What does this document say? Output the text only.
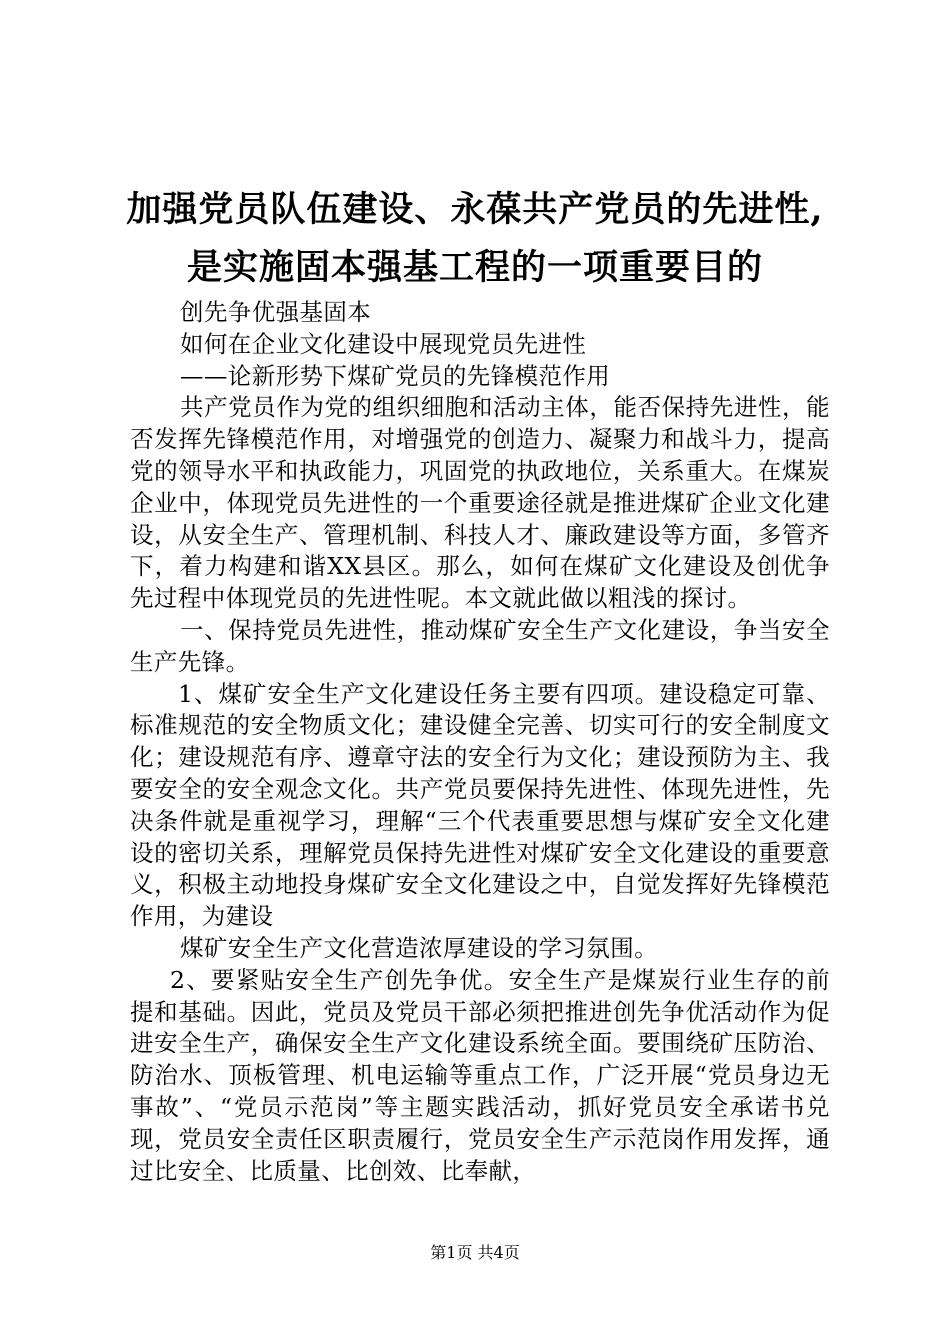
加强党员队伍建设、永葆共产党员的先进性,
是实施固本强基工程的一项重要目的

创先争优强基固本

如何在企业文化建设中展现党员先进性

——论新形势下煤矿党员的先锋模范作用

共产党员作为党的组织细胞和活动主体，能否保持先进性，能否发挥先锋模范作用，对增强党的创造力、凝聚力和战斗力，提高党的领导水平和执政能力，巩固党的执政地位，关系重大。在煤炭企业中，体现党员先进性的一个重要途径就是推进煤矿企业文化建设，从安全生产、管理机制、科技人才、廉政建设等方面，多管齐下，着力构建和谐XX县区。那么，如何在煤矿文化建设及创优争先过程中体现党员的先进性呢。本文就此做以粗浅的探讨。

一、保持党员先进性，推动煤矿安全生产文化建设，争当安全生产先锋。

1、煤矿安全生产文化建设任务主要有四项。建设稳定可靠、标准规范的安全物质文化；建设健全完善、切实可行的安全制度文化；建设规范有序、遵章守法的安全行为文化；建设预防为主、我要安全的安全观念文化。共产党员要保持先进性、体现先进性，先决条件就是重视学习，理解“三个代表重要思想与煤矿安全文化建设的密切关系，理解党员保持先进性对煤矿安全文化建设的重要意义，积极主动地投身煤矿安全文化建设之中，自觉发挥好先锋模范作用，为建设

煤矿安全生产文化营造浓厚建设的学习氛围。

2、要紧贴安全生产创先争优。安全生产是煤炭行业生存的前提和基础。因此，党员及党员干部必须把推进创先争优活动作为促进安全生产，确保安全生产文化建设系统全面。要围绕矿压防治、防治水、顶板管理、机电运输等重点工作，广泛开展“党员身边无事故”、“党员示范岗”等主题实践活动，抓好党员安全承诺书兑现，党员安全责任区职责履行，党员安全生产示范岗作用发挥，通过比安全、比质量、比创效、比奉献，

第1页 共4页
